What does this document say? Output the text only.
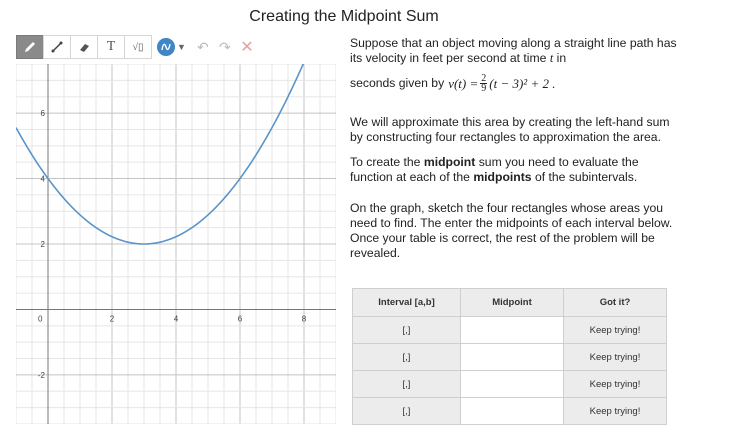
Creating the Midpoint Sum
T √▯	▼ ↶ ↷ ✕
2	4	6	8
0
6
4
2
-2

Suppose that an object moving along a straight line path has its velocity in feet per second at time t in

seconds given by $v(t) = \frac{2}{9} (t - 3)^2 + 2$ .

We will approximate this area by creating the left-hand sum by constructing four rectangles to approximation the area.

To create the midpoint sum you need to evaluate the function at each of the midpoints of the subintervals.

On the graph, sketch the four rectangles whose areas you need to find. The enter the midpoints of each interval below. Once your table is correct, the rest of the problem will be revealed.

Interval [a,b]	Midpoint	Got it?
[,]		Keep trying!
[,]		Keep trying!
[,]		Keep trying!
[,]		Keep trying!
